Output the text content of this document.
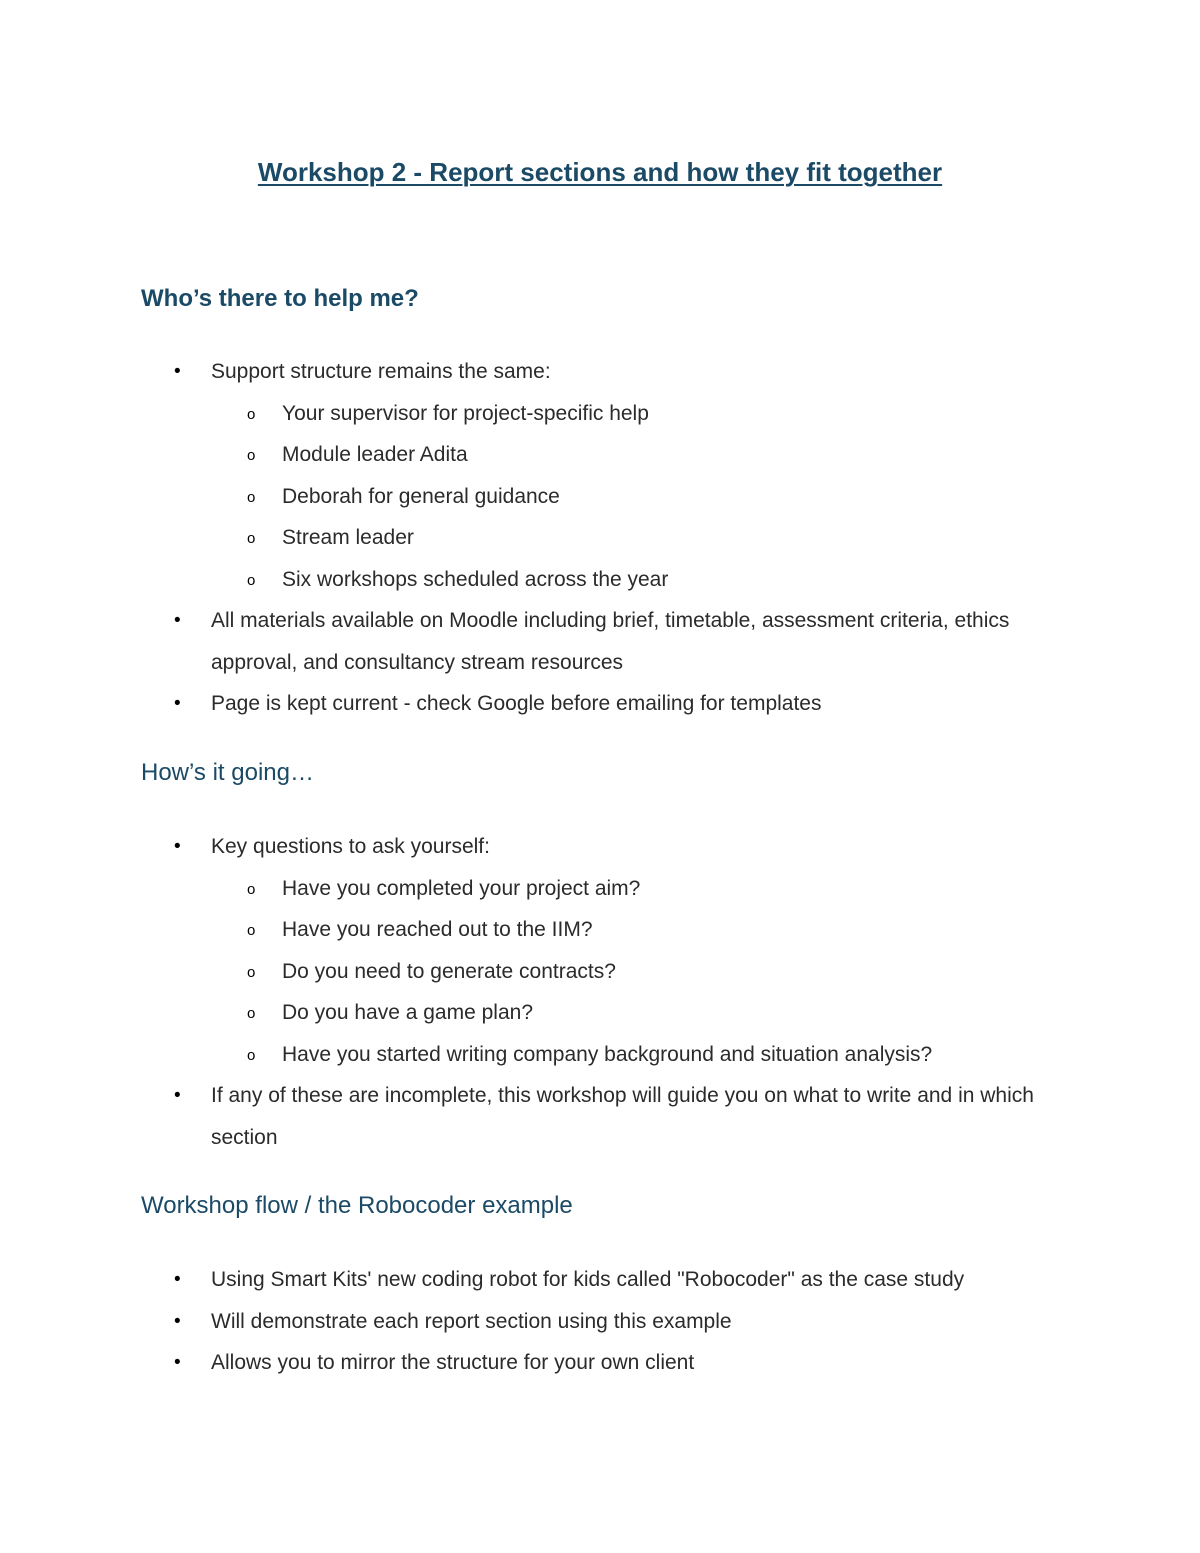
Workshop 2 - Report sections and how they fit together
Who’s there to help me?
• Support structure remains the same:
o Your supervisor for project-specific help
o Module leader Adita
o Deborah for general guidance
o Stream leader
o Six workshops scheduled across the year
• All materials available on Moodle including brief, timetable, assessment criteria, ethics approval, and consultancy stream resources
• Page is kept current - check Google before emailing for templates
How’s it going…
• Key questions to ask yourself:
o Have you completed your project aim?
o Have you reached out to the IIM?
o Do you need to generate contracts?
o Do you have a game plan?
o Have you started writing company background and situation analysis?
• If any of these are incomplete, this workshop will guide you on what to write and in which section
Workshop flow / the Robocoder example
• Using Smart Kits' new coding robot for kids called "Robocoder" as the case study
• Will demonstrate each report section using this example
• Allows you to mirror the structure for your own client
